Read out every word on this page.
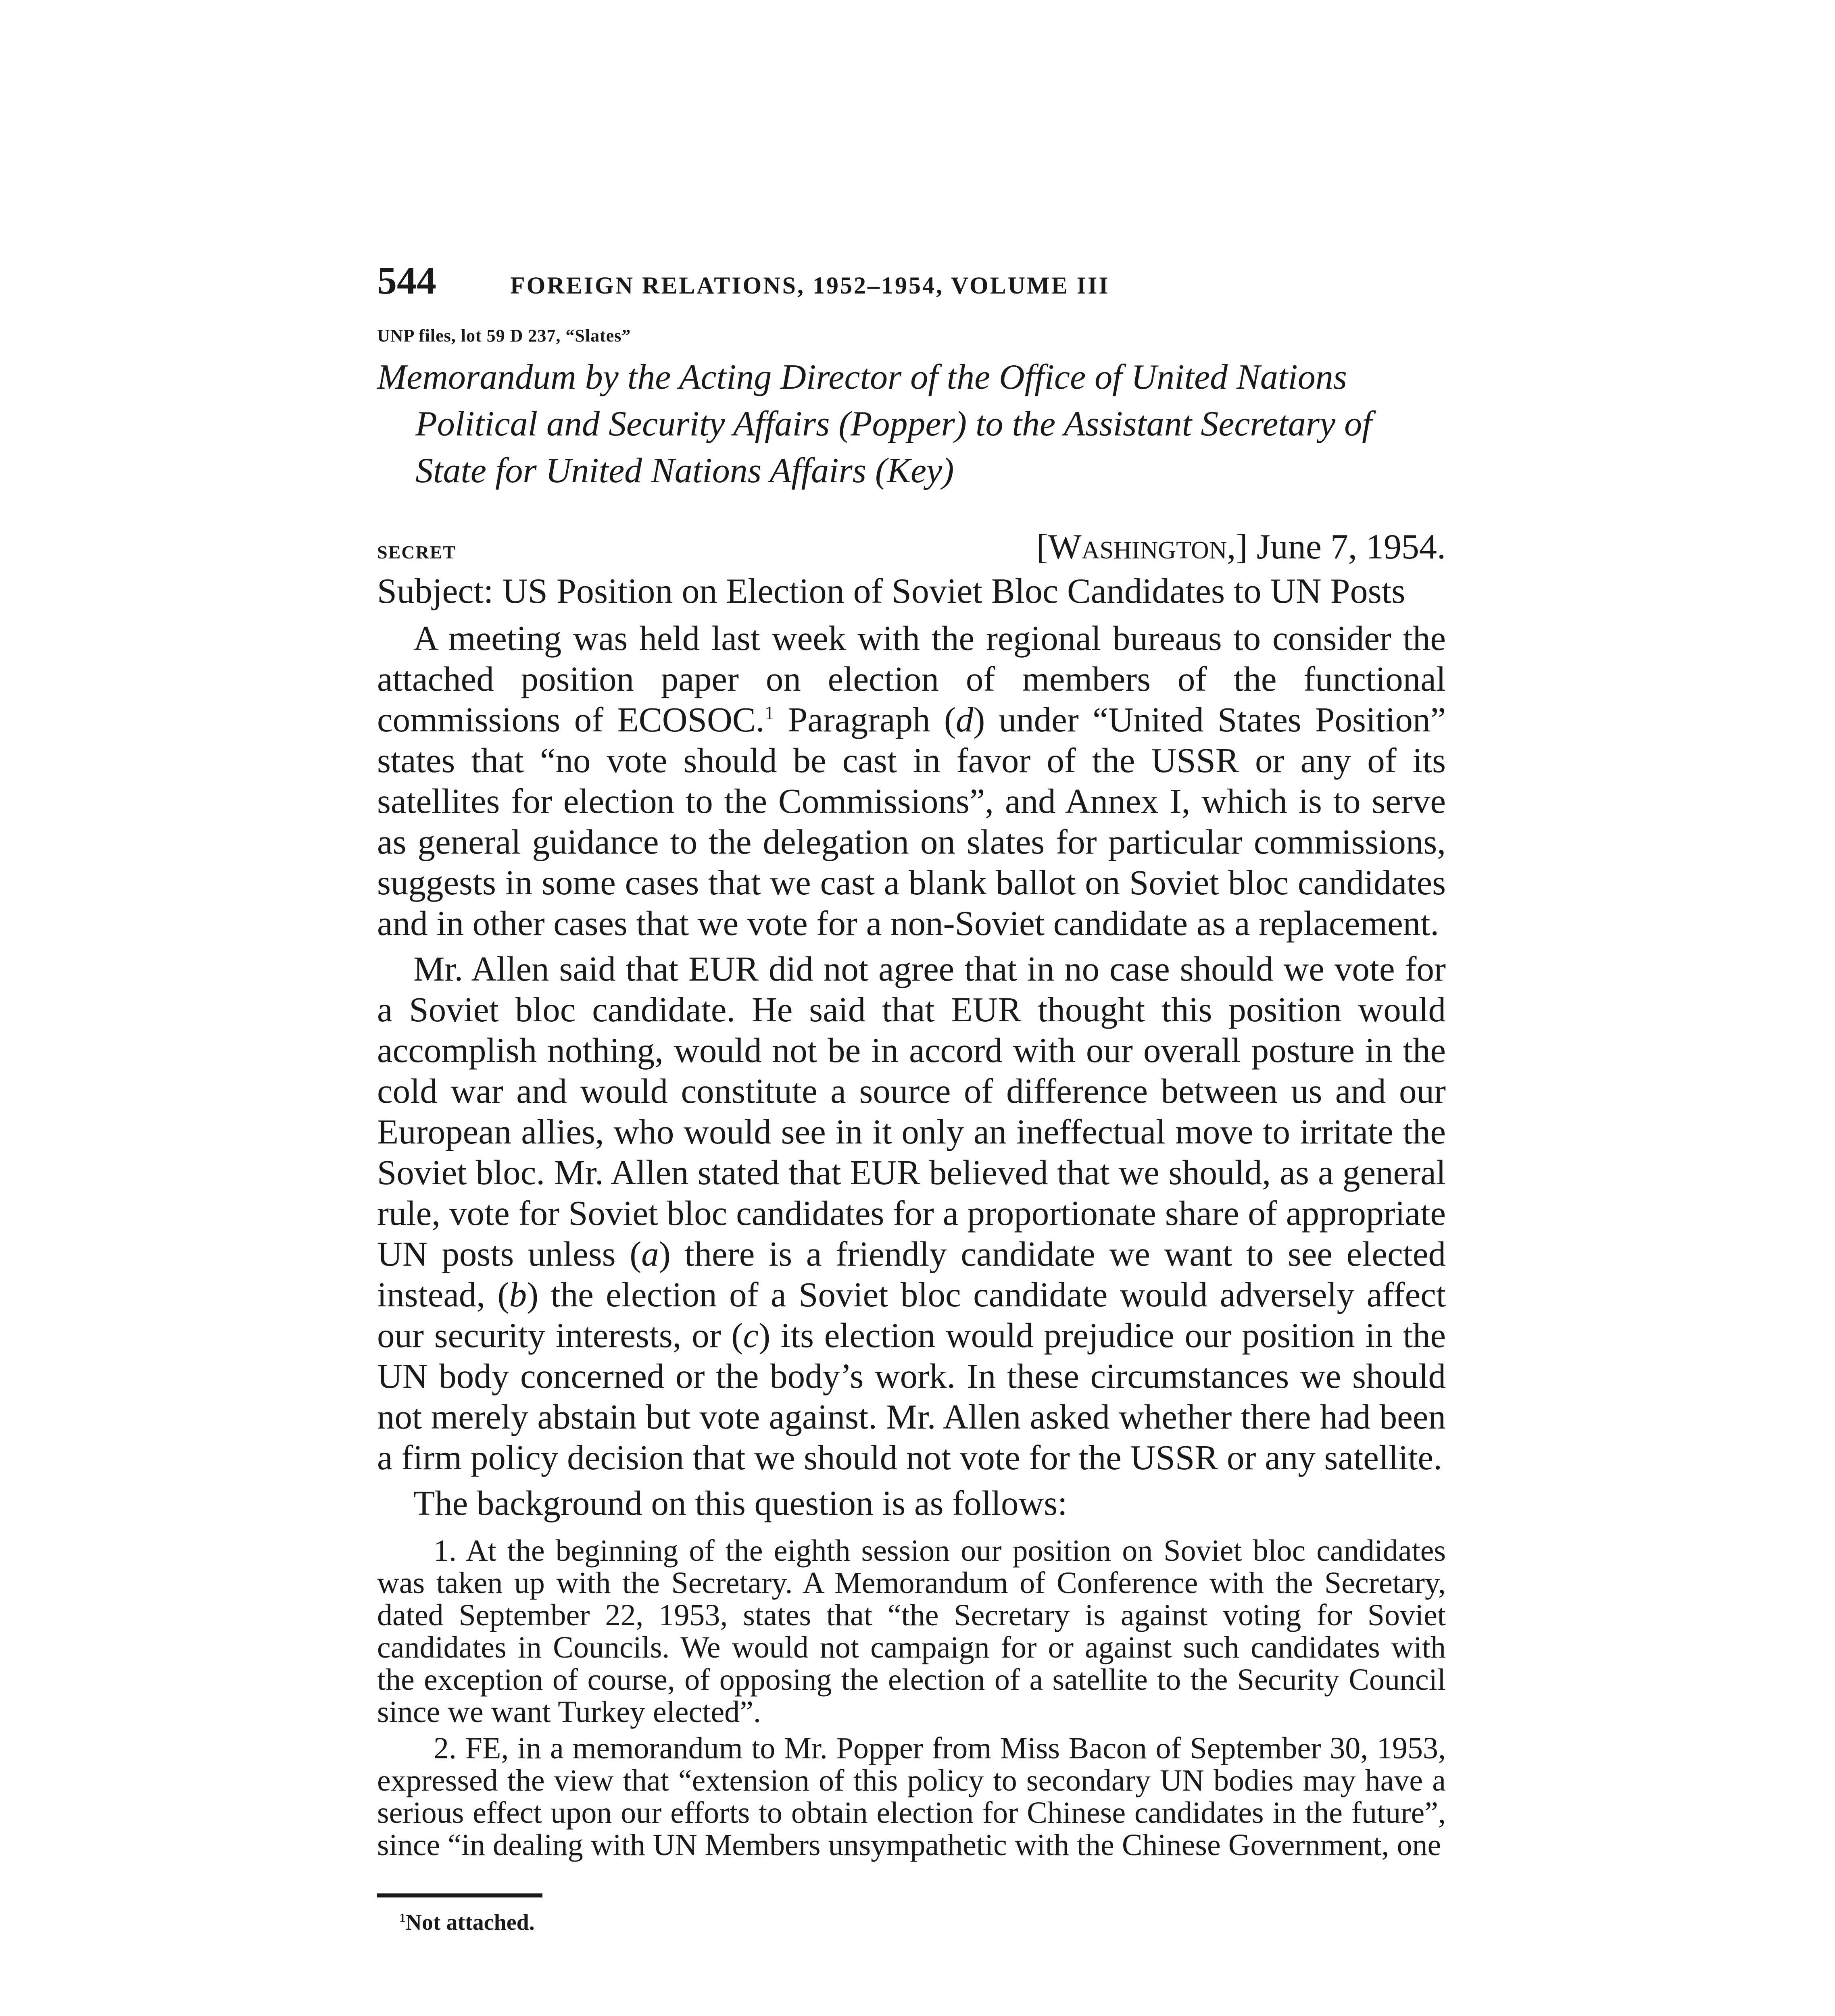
544	FOREIGN RELATIONS, 1952–1954, VOLUME III
UNP files, lot 59 D 237, “Slates”
Memorandum by the Acting Director of the Office of United Nations Political and Security Affairs (Popper) to the Assistant Secretary of State for United Nations Affairs (Key)
SECRET	[Washington,] June 7, 1954.
Subject: US Position on Election of Soviet Bloc Candidates to UN Posts

A meeting was held last week with the regional bureaus to consider the attached position paper on election of members of the functional commissions of ECOSOC.$^1$ Paragraph (d) under “United States Position” states that “no vote should be cast in favor of the USSR or any of its satellites for election to the Commissions”, and Annex I, which is to serve as general guidance to the delegation on slates for particular commissions, suggests in some cases that we cast a blank ballot on Soviet bloc candidates and in other cases that we vote for a non-Soviet candidate as a replacement.

Mr. Allen said that EUR did not agree that in no case should we vote for a Soviet bloc candidate. He said that EUR thought this position would accomplish nothing, would not be in accord with our overall posture in the cold war and would constitute a source of difference between us and our European allies, who would see in it only an ineffectual move to irritate the Soviet bloc. Mr. Allen stated that EUR believed that we should, as a general rule, vote for Soviet bloc candidates for a proportionate share of appropriate UN posts unless (a) there is a friendly candidate we want to see elected instead, (b) the election of a Soviet bloc candidate would adversely affect our security interests, or (c) its election would prejudice our position in the UN body concerned or the body’s work. In these circumstances we should not merely abstain but vote against. Mr. Allen asked whether there had been a firm policy decision that we should not vote for the USSR or any satellite.

The background on this question is as follows:

1. At the beginning of the eighth session our position on Soviet bloc candidates was taken up with the Secretary. A Memorandum of Conference with the Secretary, dated September 22, 1953, states that “the Secretary is against voting for Soviet candidates in Councils. We would not campaign for or against such candidates with the exception of course, of opposing the election of a satellite to the Security Council since we want Turkey elected”.

2. FE, in a memorandum to Mr. Popper from Miss Bacon of September 30, 1953, expressed the view that “extension of this policy to secondary UN bodies may have a serious effect upon our efforts to obtain election for Chinese candidates in the future”, since “in dealing with UN Members unsympathetic with the Chinese Government, one

$^1$Not attached.
